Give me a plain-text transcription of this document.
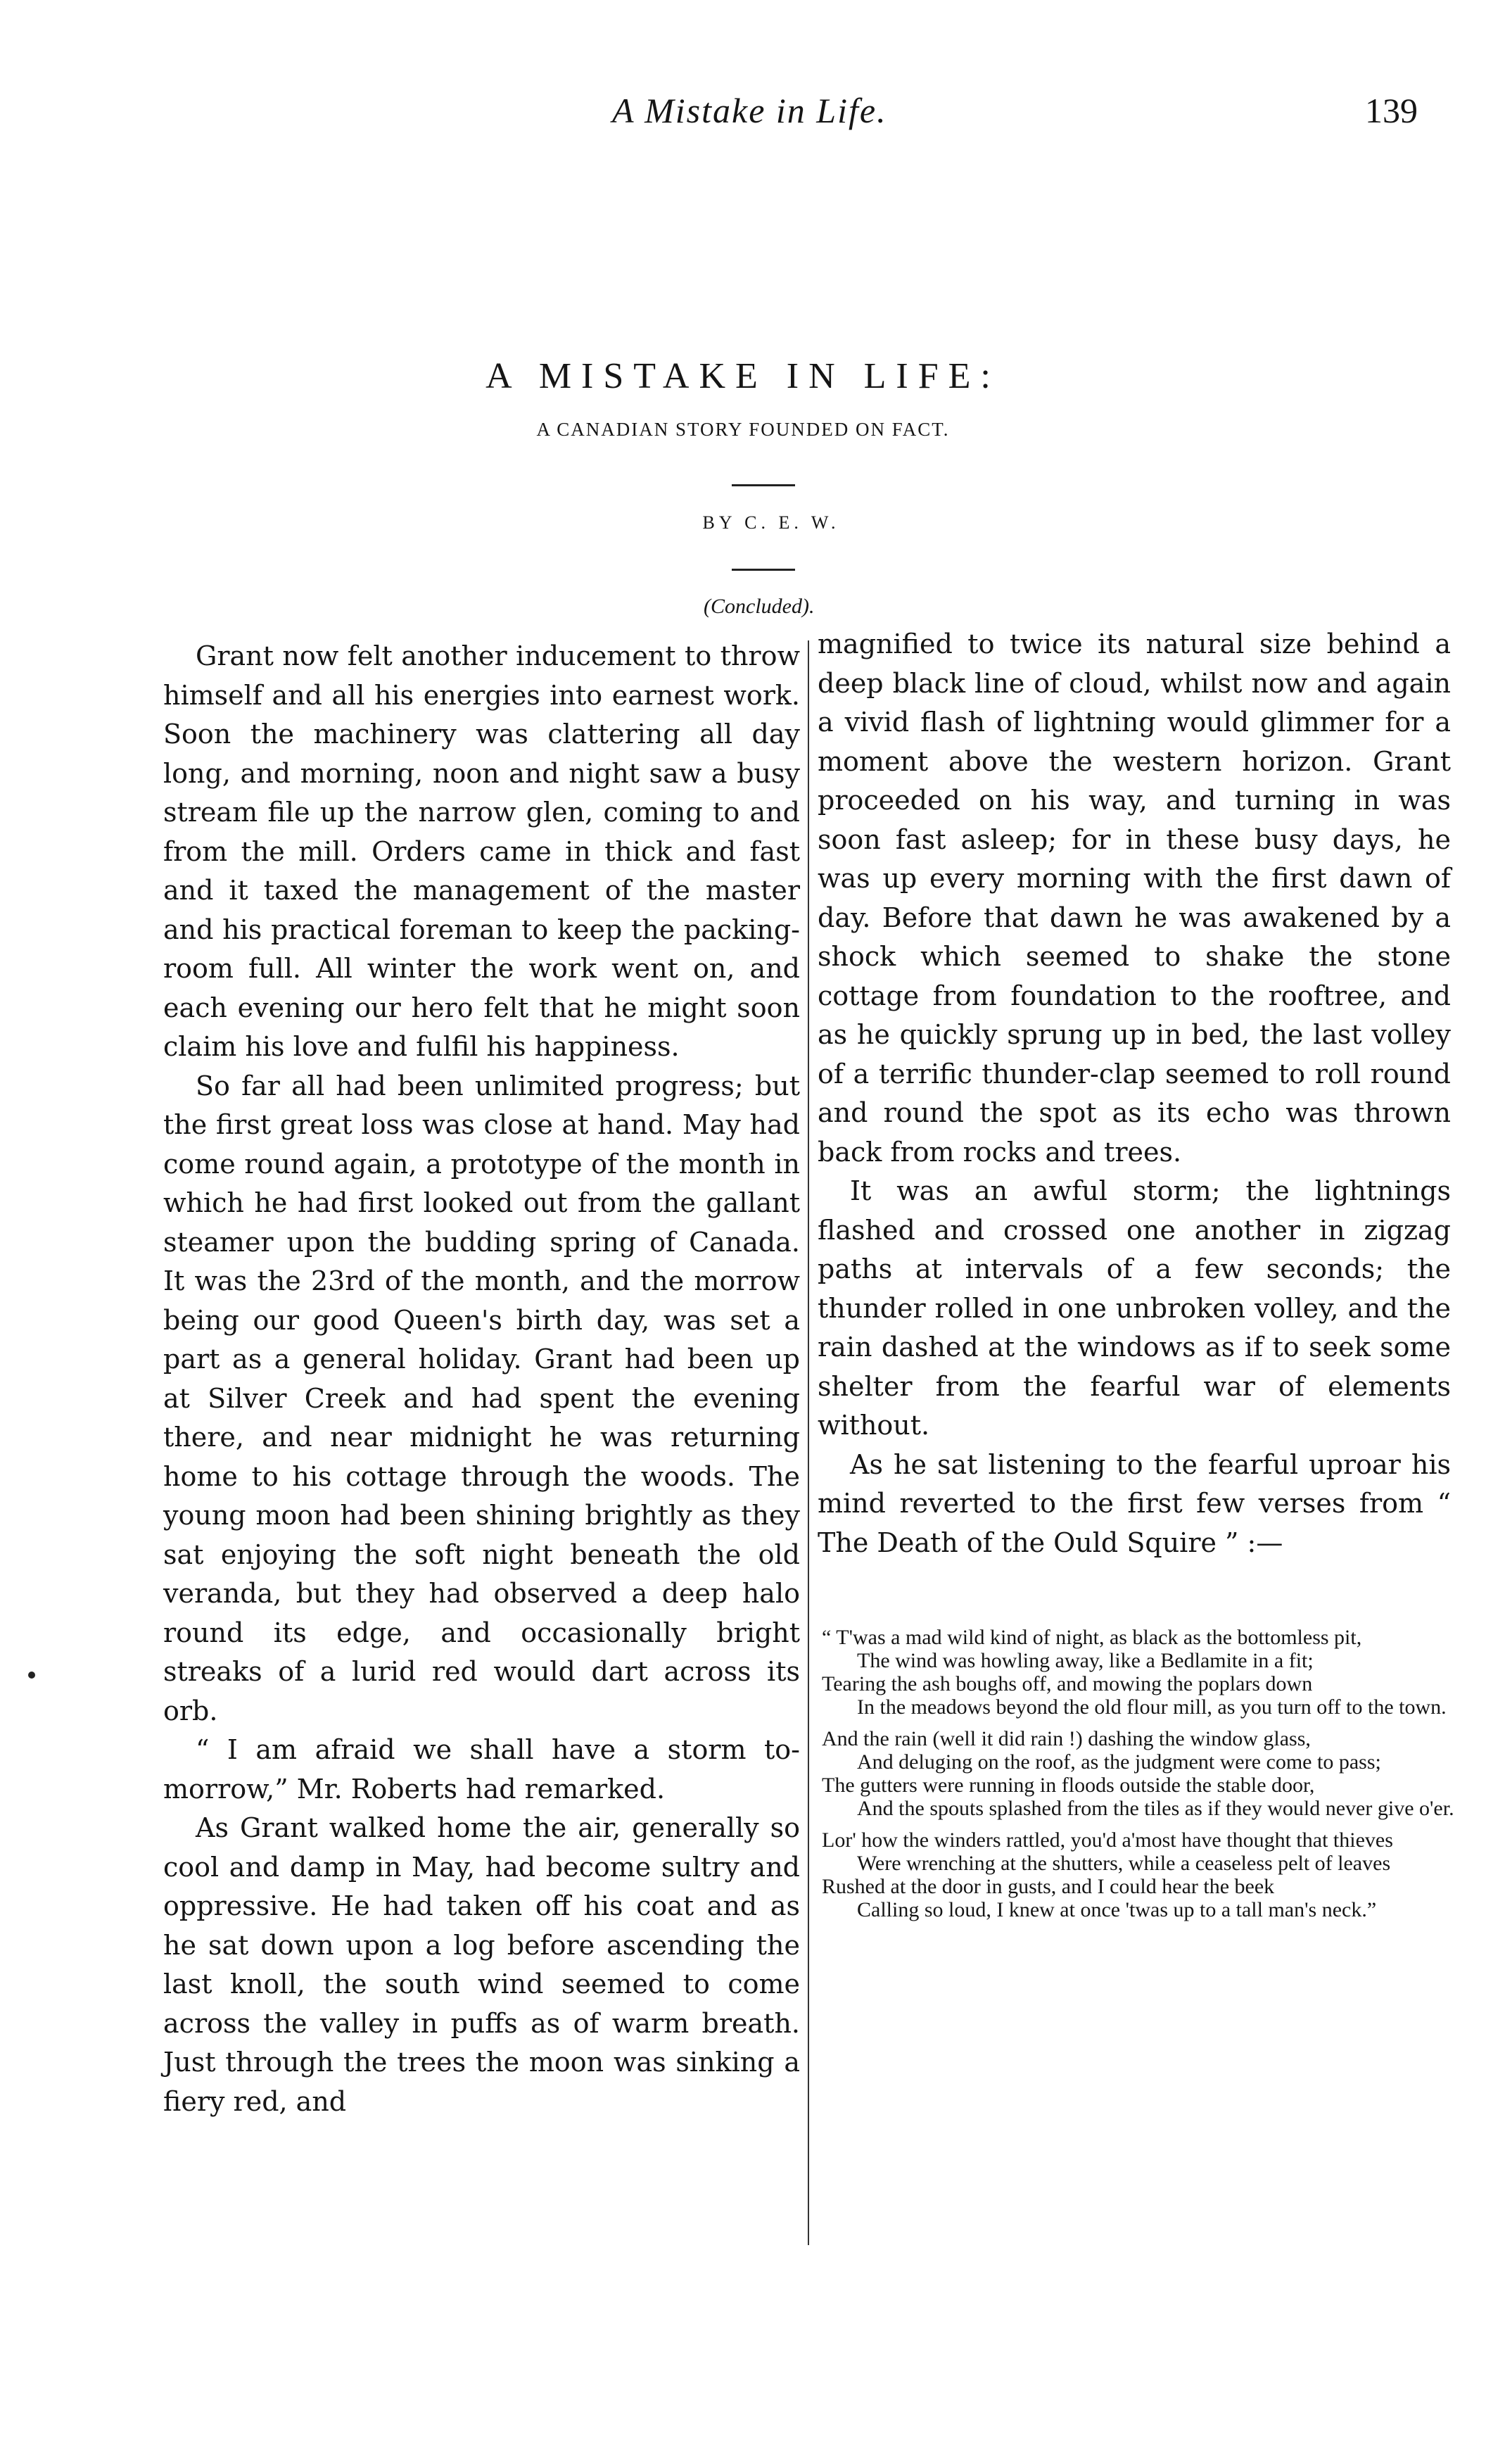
A Mistake in Life.	139
A MISTAKE IN LIFE:
A CANADIAN STORY FOUNDED ON FACT.
BY C. E. W.
(Concluded).

Grant now felt another inducement to throw himself and all his energies into earnest work. Soon the machinery was clattering all day long, and morning, noon and night saw a busy stream file up the narrow glen, coming to and from the mill. Orders came in thick and fast and it taxed the management of the master and his practical foreman to keep the packing-room full. All winter the work went on, and each evening our hero felt that he might soon claim his love and fulfil his happiness.

So far all had been unlimited progress; but the first great loss was close at hand. May had come round again, a prototype of the month in which he had first looked out from the gallant steamer upon the budding spring of Canada. It was the 23rd of the month, and the morrow being our good Queen's birth day, was set a part as a general holiday. Grant had been up at Silver Creek and had spent the evening there, and near midnight he was returning home to his cottage through the woods. The young moon had been shining brightly as they sat enjoying the soft night beneath the old veranda, but they had observed a deep halo round its edge, and occasionally bright streaks of a lurid red would dart across its orb.

“ I am afraid we shall have a storm to-morrow,” Mr. Roberts had remarked.

As Grant walked home the air, generally so cool and damp in May, had become sultry and oppressive. He had taken off his coat and as he sat down upon a log before ascending the last knoll, the south wind seemed to come across the valley in puffs as of warm breath. Just through the trees the moon was sinking a fiery red, and

magnified to twice its natural size behind a deep black line of cloud, whilst now and again a vivid flash of lightning would glimmer for a moment above the western horizon. Grant proceeded on his way, and turning in was soon fast asleep; for in these busy days, he was up every morning with the first dawn of day. Before that dawn he was awakened by a shock which seemed to shake the stone cottage from foundation to the rooftree, and as he quickly sprung up in bed, the last volley of a terrific thunder-clap seemed to roll round and round the spot as its echo was thrown back from rocks and trees.

It was an awful storm; the lightnings flashed and crossed one another in zigzag paths at intervals of a few seconds; the thunder rolled in one unbroken volley, and the rain dashed at the windows as if to seek some shelter from the fearful war of elements without.

As he sat listening to the fearful uproar his mind reverted to the first few verses from “ The Death of the Ould Squire ” :—

“ T'was a mad wild kind of night, as black as the bottomless pit,
The wind was howling away, like a Bedlamite in a fit;
Tearing the ash boughs off, and mowing the poplars down
In the meadows beyond the old flour mill, as you turn off to the town.
And the rain (well it did rain !) dashing the window glass,
And deluging on the roof, as the judgment were come to pass;
The gutters were running in floods outside the stable door,
And the spouts splashed from the tiles as if they would never give o'er.
Lor' how the winders rattled, you'd a'most have thought that thieves
Were wrenching at the shutters, while a ceaseless pelt of leaves
Rushed at the door in gusts, and I could hear the beek
Calling so loud, I knew at once 'twas up to a tall man's neck.”
